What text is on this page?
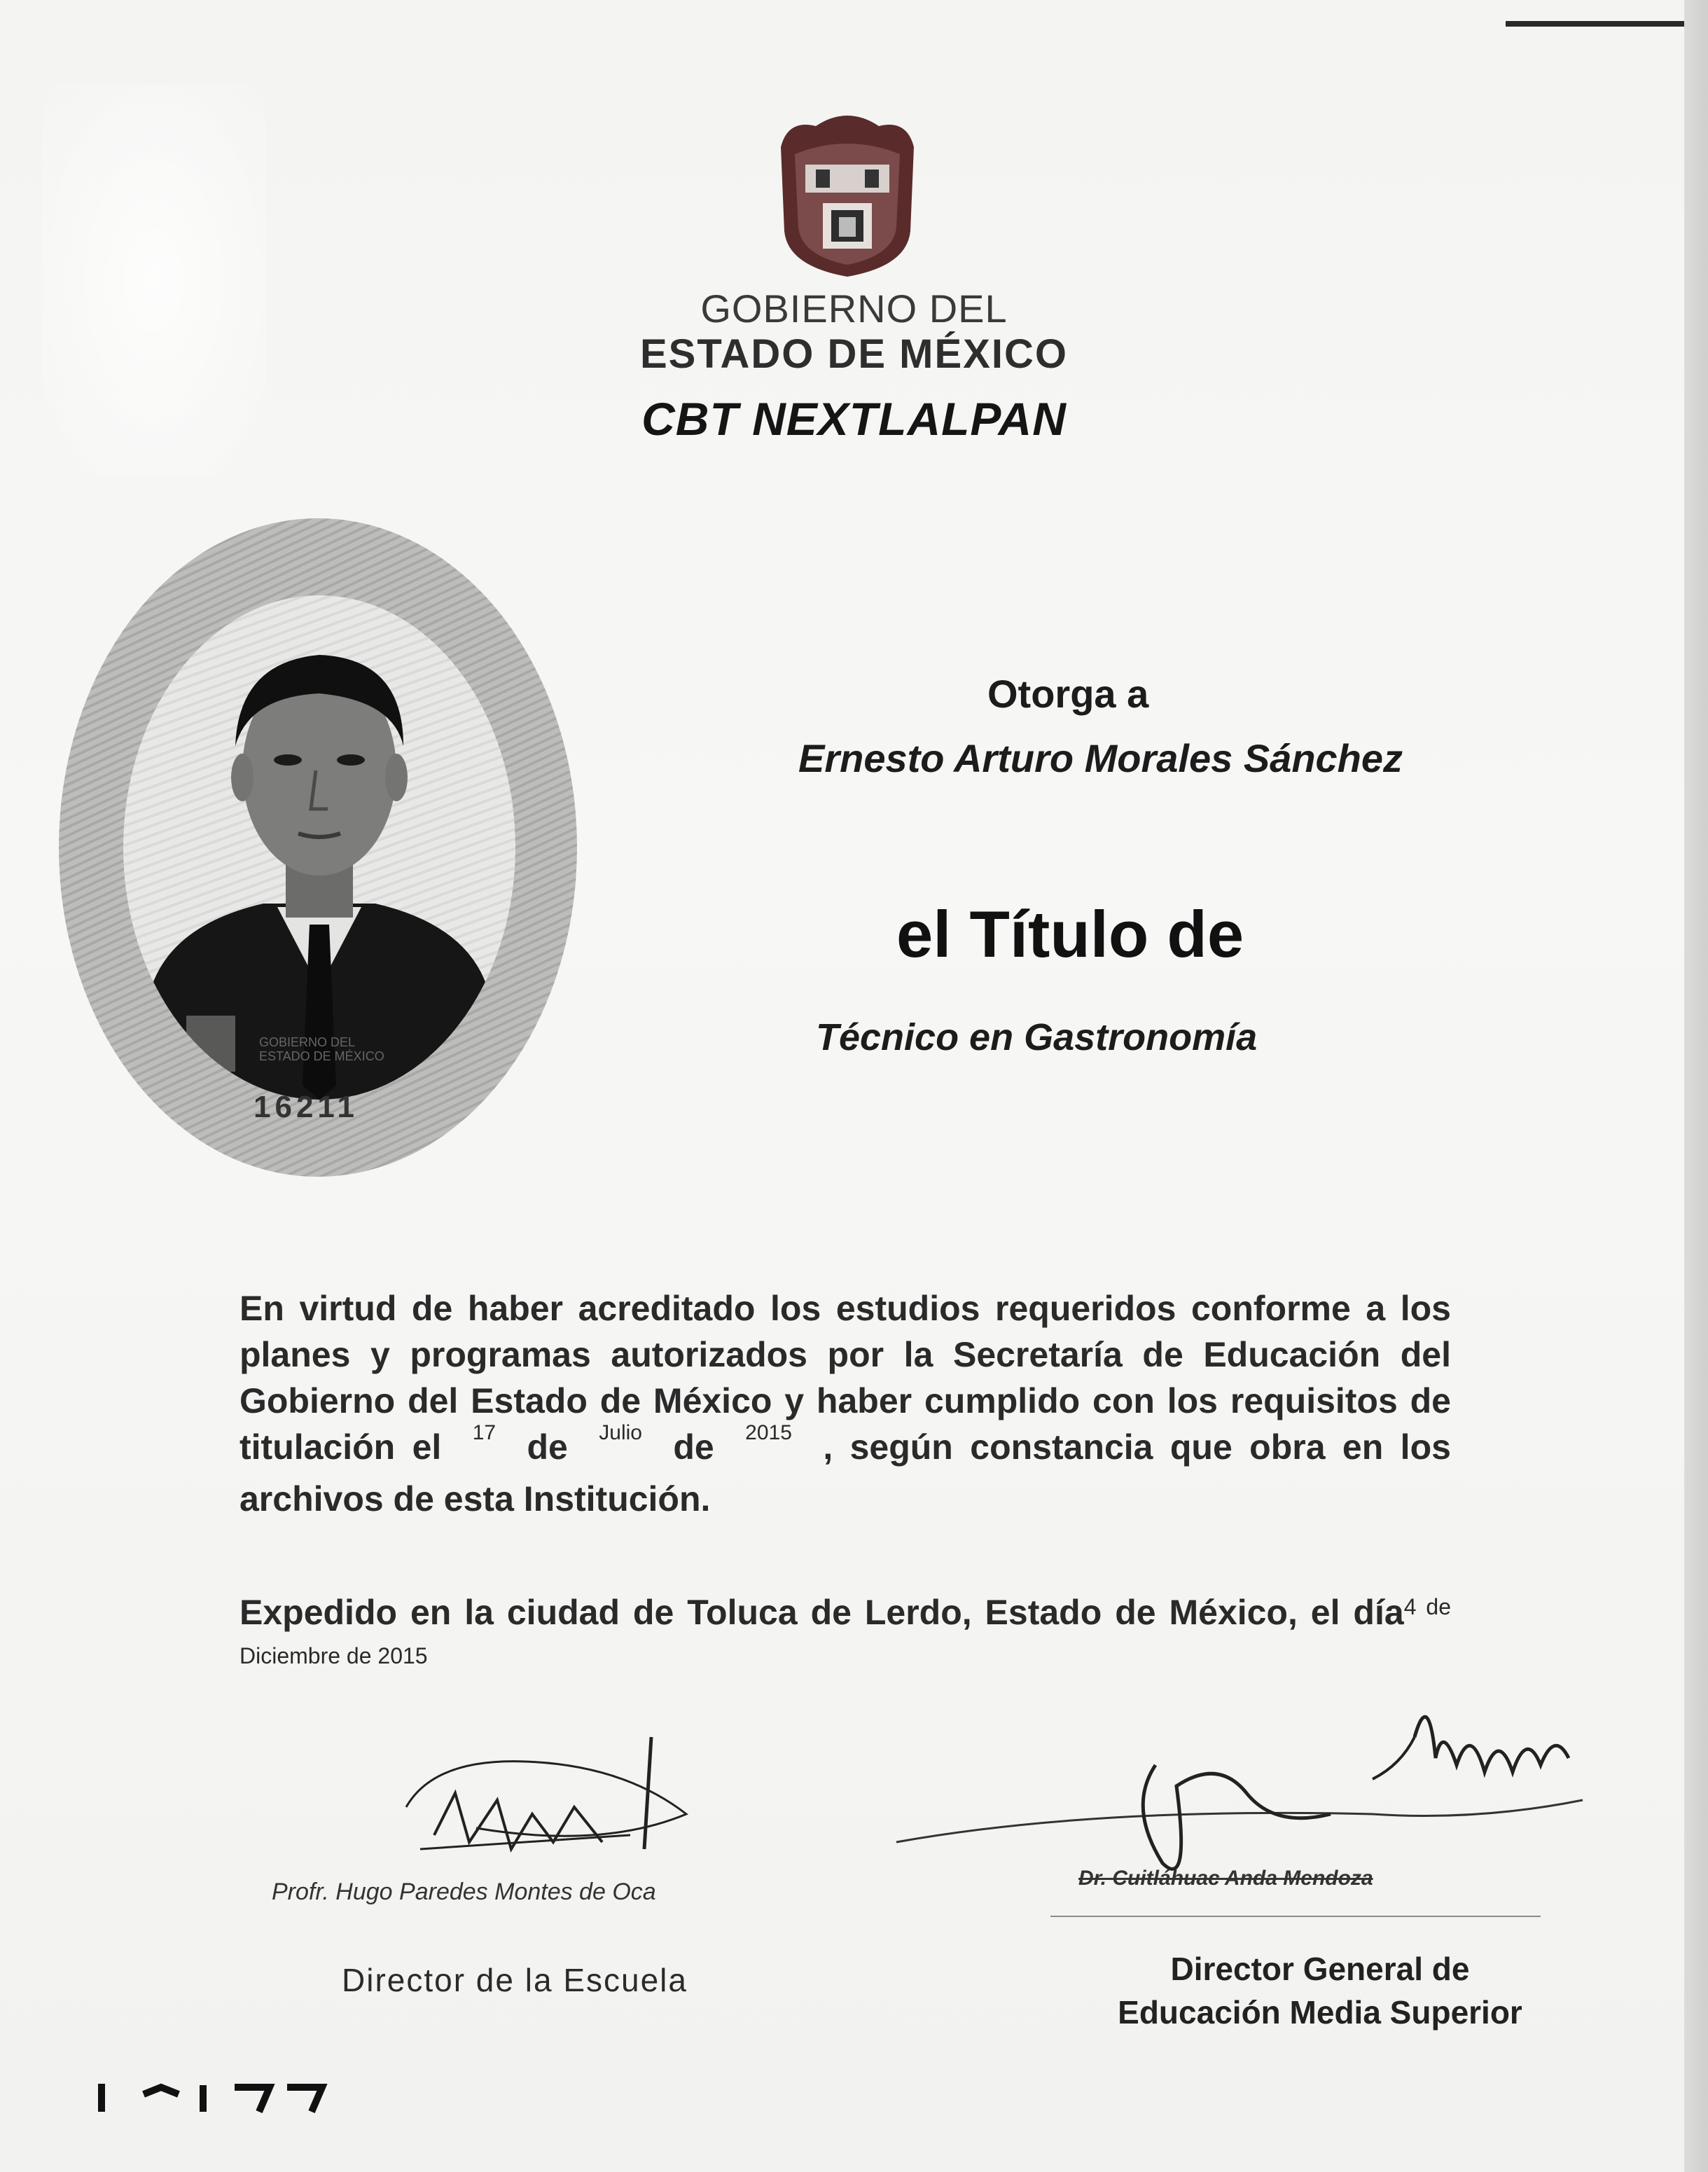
GOBIERNO DEL
ESTADO DE MÉXICO
CBT NEXTLALPAN
GOBIERNO DEL
ESTADO DE MÉXICO
16211
Otorga a
Ernesto Arturo Morales Sánchez
el Título de
Técnico en Gastronomía
En virtud de haber acreditado los estudios requeridos conforme a los planes y programas autorizados por la Secretaría de Educación del Gobierno del Estado de México y haber cumplido con los requisitos de titulación el $^{17}$ de $^{Julio}$ de $^{2015}$ , según constancia que obra en los archivos de esta Institución.
Expedido en la ciudad de Toluca de Lerdo, Estado de México, el día$^{4 de Diciembre de 2015}$
Profr. Hugo Paredes Montes de Oca
Dr. Cuitláhuac Anda Mendoza
Director de la Escuela	Director General de
Educación Media Superior
